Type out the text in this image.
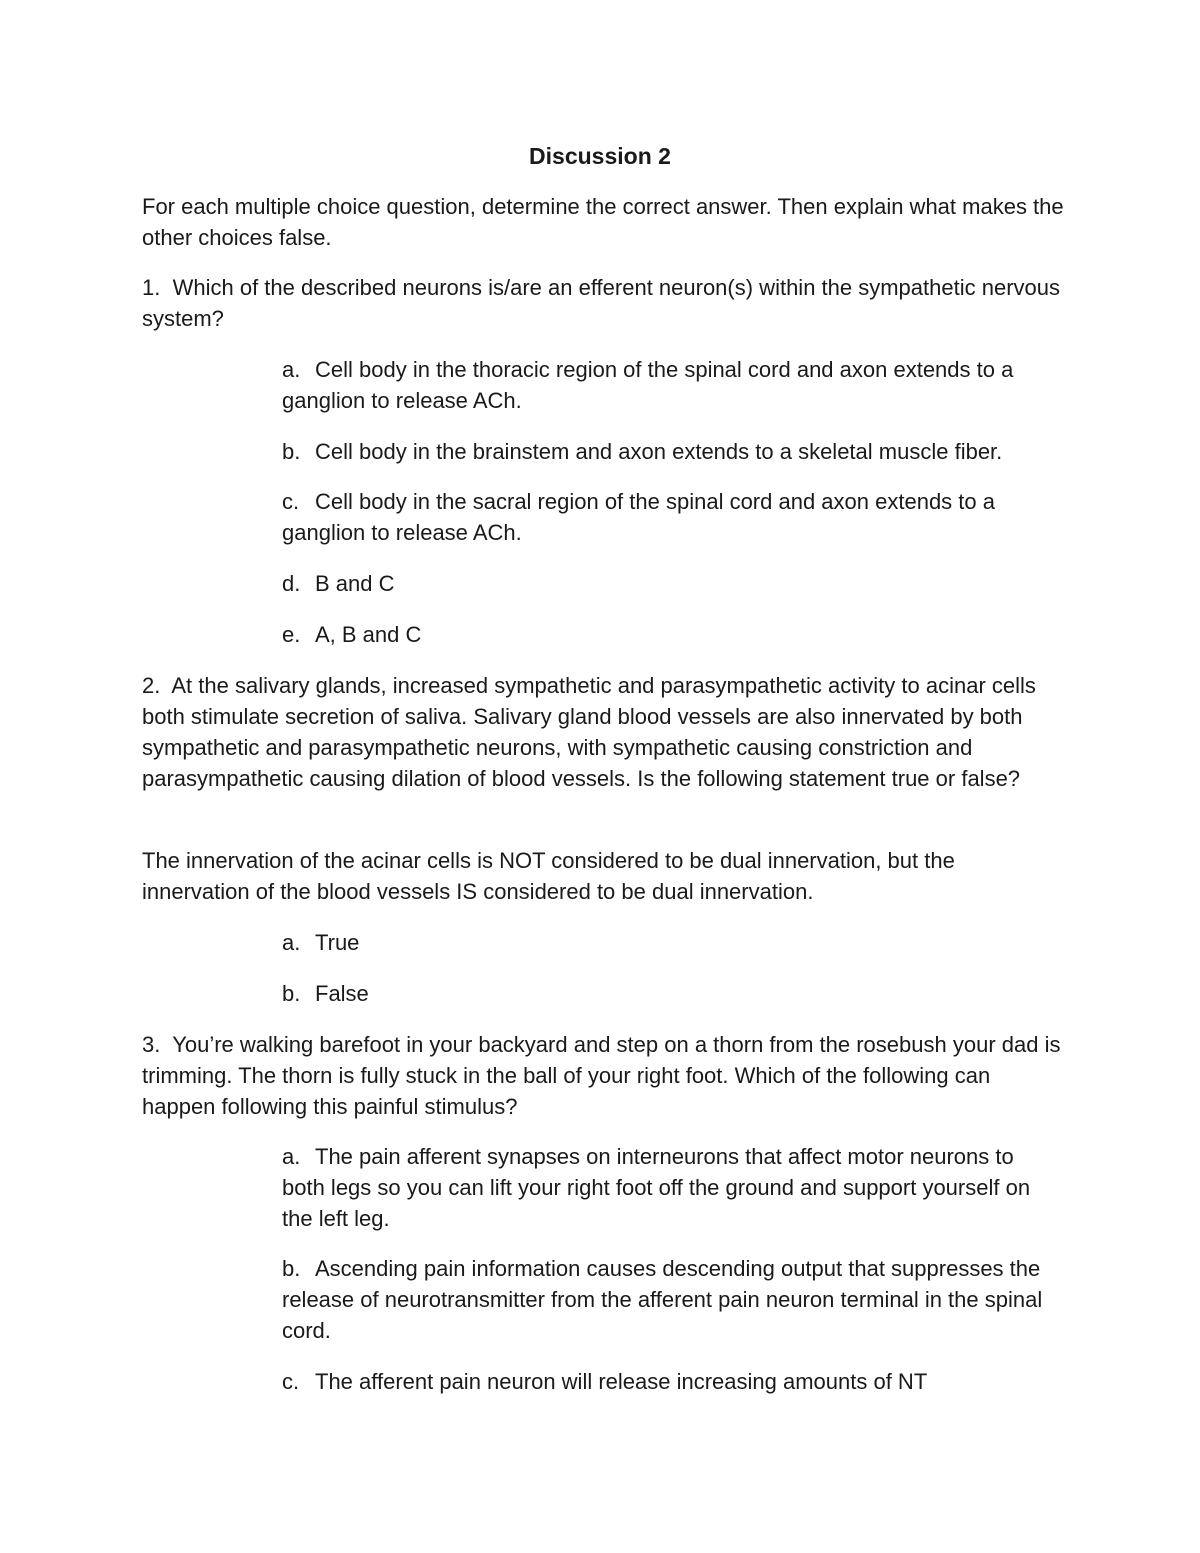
Discussion 2

For each multiple choice question, determine the correct answer. Then explain what makes the other choices false.

1. Which of the described neurons is/are an efferent neuron(s) within the sympathetic nervous system?

a. Cell body in the thoracic region of the spinal cord and axon extends to a ganglion to release ACh.

b. Cell body in the brainstem and axon extends to a skeletal muscle fiber.

c. Cell body in the sacral region of the spinal cord and axon extends to a ganglion to release ACh.

d. B and C

e. A, B and C

2. At the salivary glands, increased sympathetic and parasympathetic activity to acinar cells both stimulate secretion of saliva. Salivary gland blood vessels are also innervated by both sympathetic and parasympathetic neurons, with sympathetic causing constriction and parasympathetic causing dilation of blood vessels. Is the following statement true or false?

The innervation of the acinar cells is NOT considered to be dual innervation, but the innervation of the blood vessels IS considered to be dual innervation.

a. True

b. False

3. You’re walking barefoot in your backyard and step on a thorn from the rosebush your dad is trimming. The thorn is fully stuck in the ball of your right foot. Which of the following can happen following this painful stimulus?

a. The pain afferent synapses on interneurons that affect motor neurons to both legs so you can lift your right foot off the ground and support yourself on the left leg.

b. Ascending pain information causes descending output that suppresses the release of neurotransmitter from the afferent pain neuron terminal in the spinal cord.

c. The afferent pain neuron will release increasing amounts of NT
